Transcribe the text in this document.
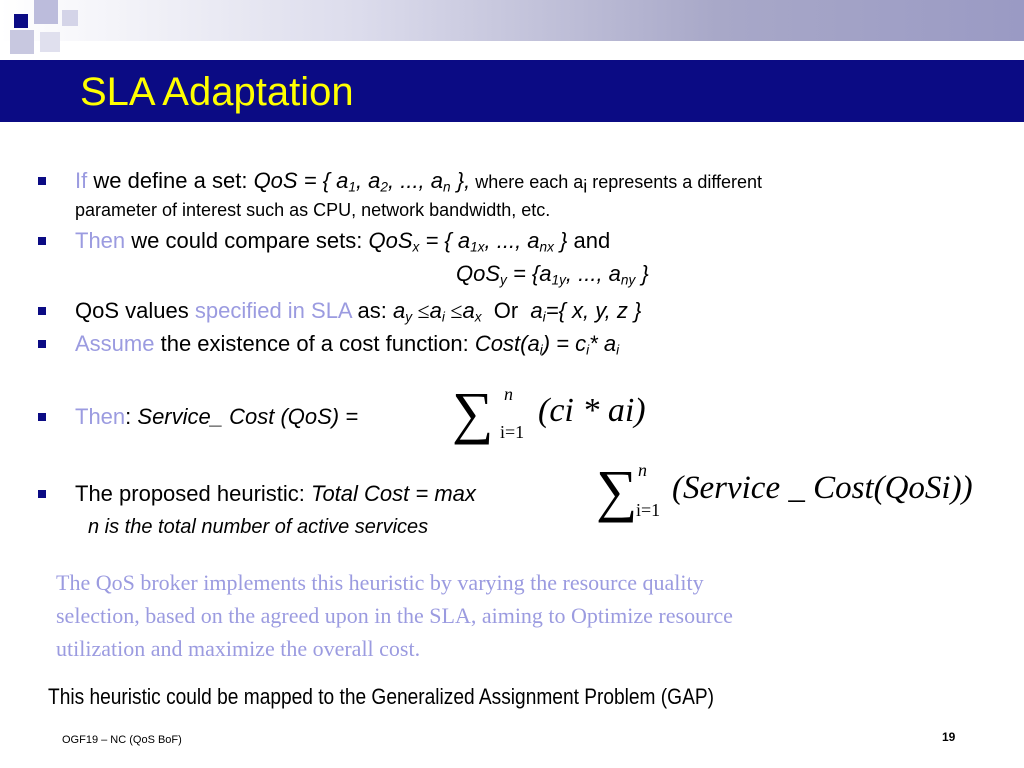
SLA Adaptation
If we define a set: QoS = { $a_1$, $a_2$, ..., $a_n$ }, where each $a_i$ represents a different
parameter of interest such as CPU, network bandwidth, etc.
Then we could compare sets: QoS$_x$ = { $a_{1x}$, ..., $a_{nx}$ } and
$QoS_y = \{a_{1y}$, ..., $a_{ny}$ }
QoS values specified in SLA as: $a_y \le a_i \le a_x$  Or  $a_i=${ x, y, z }
Assume the existence of a cost function: $Cost(a_i) = c_i*$ $a_i$
Then: Service_ Cost (QoS) = ∑ n
i=1
(ci * ai)
The proposed heuristic: Total Cost = max ∑ n
i=1
(Service _ Cost(QoSi))
n is the total number of active services
The QoS broker implements this heuristic by varying the resource quality
selection, based on the agreed upon in the SLA, aiming to Optimize resource
utilization and maximize the overall cost.
This heuristic could be mapped to the Generalized Assignment Problem (GAP)
OGF19 – NC (QoS BoF)	19
